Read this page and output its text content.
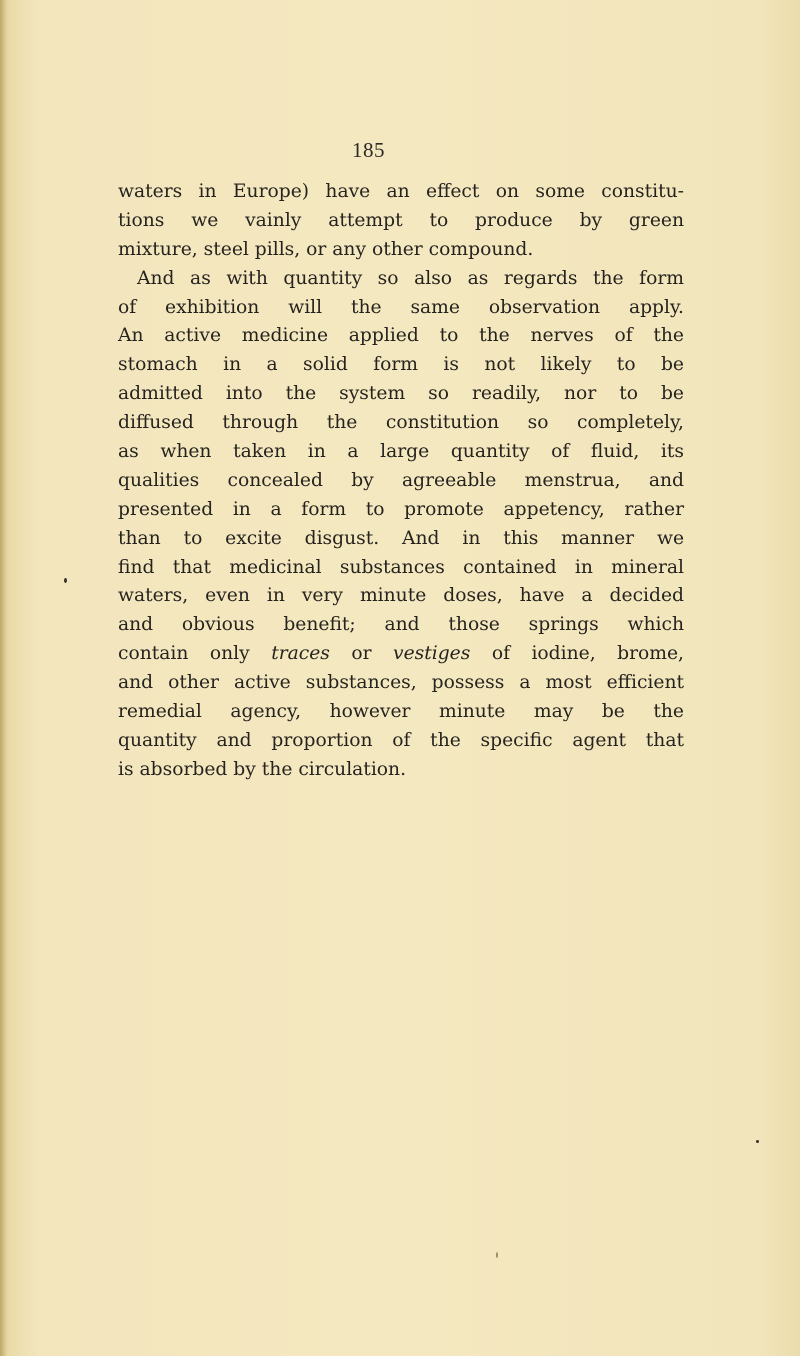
185
waters in Europe) have an effect on some constitu-
tions we vainly attempt to produce by green
mixture, steel pills, or any other compound.
And as with quantity so also as regards the form
of exhibition will the same observation apply.
An active medicine applied to the nerves of the
stomach in a solid form is not likely to be
admitted into the system so readily, nor to be
diffused through the constitution so completely,
as when taken in a large quantity of fluid, its
qualities concealed by agreeable menstrua, and
presented in a form to promote appetency, rather
than to excite disgust. And in this manner we
find that medicinal substances contained in mineral
waters, even in very minute doses, have a decided
and obvious benefit; and those springs which
contain only traces or vestiges of iodine, brome,
and other active substances, possess a most efficient
remedial agency, however minute may be the
quantity and proportion of the specific agent that
is absorbed by the circulation.
